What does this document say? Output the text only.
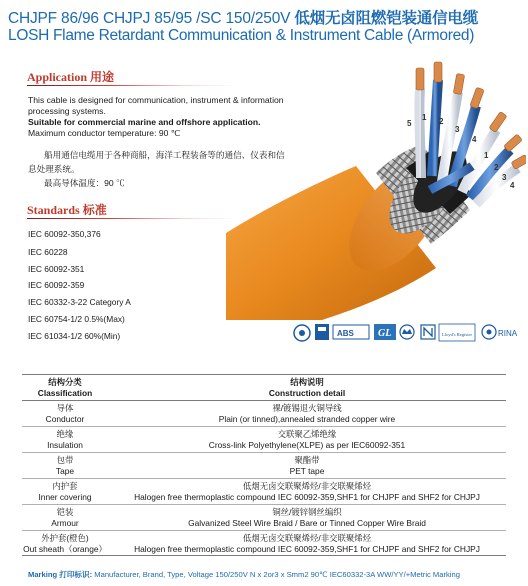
CHJPF 86/96 CHJPJ 85/95 /SC 150/250V 低烟无卤阻燃铠装通信电缆
LOSH Flame Retardant Communication & Instrument Cable (Armored)
Application 用途
This cable is designed for communication, instrument & information
processing systems.
Suitable for commercial marine and offshore application.
Maximum conductor temperature: 90 ℃
船用通信电缆用于各种商船，海洋工程装备等的通信、仪表和信
息处理系统。
最高导体温度：90 ℃
Standards 标准
IEC 60092-350,376
IEC 60228
IEC 60092-351
IEC 60092-359
IEC 60332-3-22 Category A
IEC 60754-1/2 0.5%(Max)
IEC 61034-1/2 60%(Min)
5
1 2
3
4
1
2
3
4
ABS GL	Lloyd's Register	RINA
结构分类
Classification
结构说明
Construction detail
导体
Conductor
裸/镀锡退火铜导线
Plain (or tinned),annealed stranded copper wire
绝缘
Insulation
交联聚乙烯绝缘
Cross-link Polyethylene(XLPE) as per IEC60092-351
包带
Tape
聚酯带
PET tape
内护套
Inner covering
低烟无卤交联聚烯烃/非交联聚烯烃
Halogen free thermoplastic compound IEC 60092-359,SHF1 for CHJPF and SHF2 for CHJPJ
铠装
Armour
铜丝/镀锌钢丝编织
Galvanized Steel Wire Braid / Bare or Tinned Copper Wire Braid
外护套(橙色)
Out sheath（orange）
低烟无卤交联聚烯烃/非交联聚烯烃
Halogen free thermoplastic compound IEC 60092-359,SHF1 for CHJPF and SHF2 for CHJPJ
Marking 打印标识: Manufacturer, Brand, Type, Voltage 150/250V N x 2or3 x Smm2 90℃ IEC60332-3A WW/YY/+Metric Marking
